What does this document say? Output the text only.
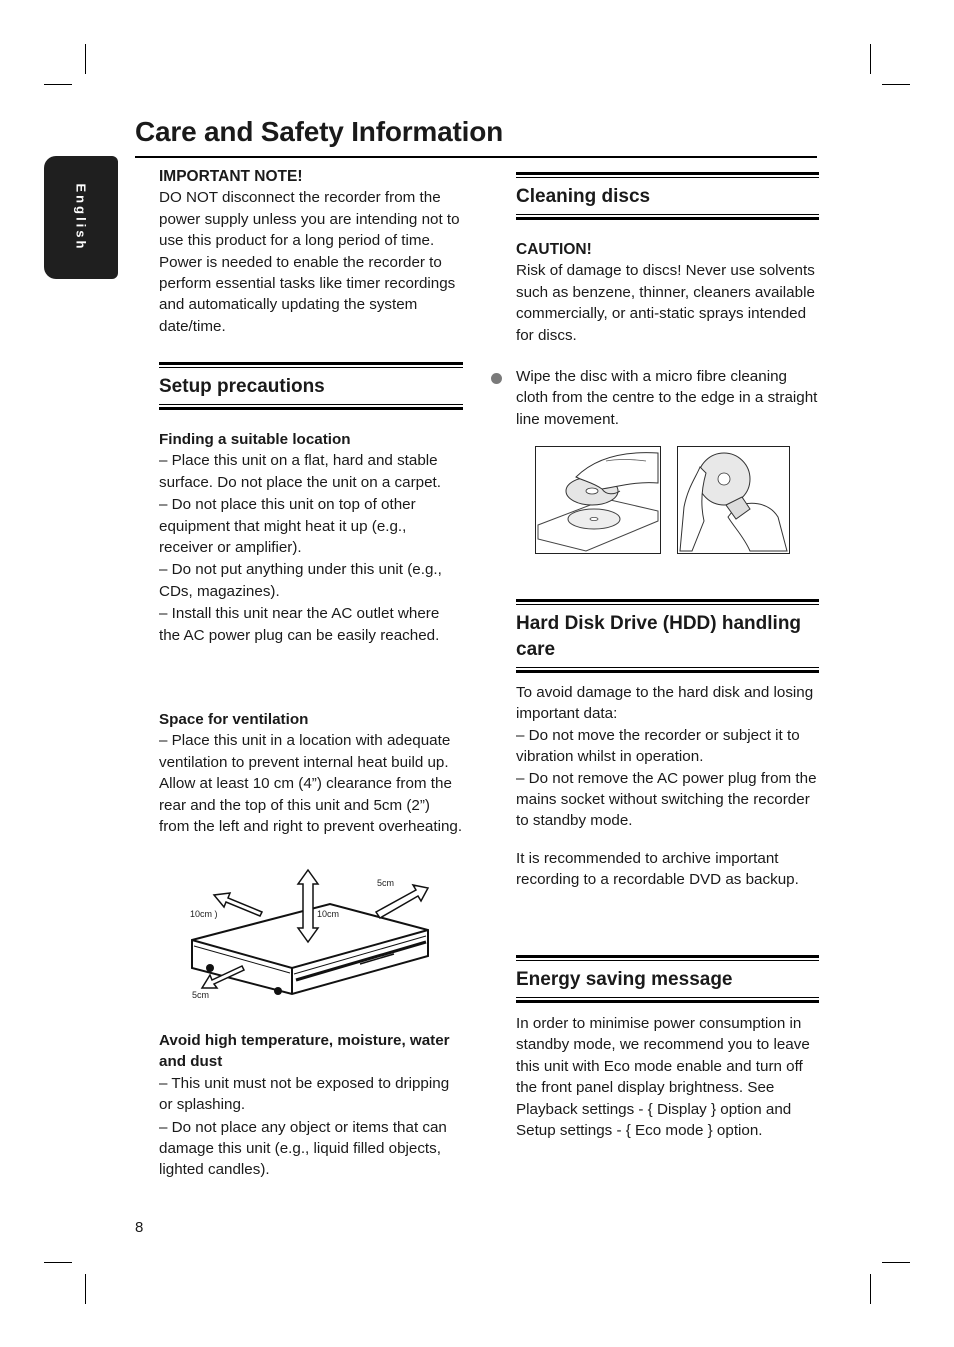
Care and Safety Information
English

IMPORTANT NOTE!

DO NOT disconnect the recorder from the power supply unless you are intending not to use this product for a long period of time. Power is needed to enable the recorder to perform essential tasks like timer recordings and automatically updating the system date/time.

Setup precautions

Finding a suitable location

– Place this unit on a flat, hard and stable surface. Do not place the unit on a carpet.

– Do not place this unit on top of other equipment that might heat it up (e.g., receiver or amplifier).

– Do not put anything under this unit (e.g., CDs, magazines).

– Install this unit near the AC outlet where the AC power plug can be easily reached.

Space for ventilation

– Place this unit in a location with adequate ventilation to prevent internal heat build up. Allow at least 10 cm (4”) clearance from the rear and the top of this unit and 5cm (2”) from the left and right to prevent overheating.

5cm
10cm )	10cm
5cm

Avoid high temperature, moisture, water and dust

– This unit must not be exposed to dripping or splashing.

– Do not place any object or items that can damage this unit (e.g., liquid filled objects, lighted candles).

8
Cleaning discs

CAUTION!

Risk of damage to discs! Never use solvents such as benzene, thinner, cleaners available commercially, or anti-static sprays intended for discs.

Wipe the disc with a micro fibre cleaning cloth from the centre to the edge in a straight line movement.

Hard Disk Drive (HDD) handling care

To avoid damage to the hard disk and losing important data:

– Do not move the recorder or subject it to vibration whilst in operation.

– Do not remove the AC power plug from the mains socket without switching the recorder to standby mode.

It is recommended to archive important recording to a recordable DVD as backup.

Energy saving message

In order to minimise power consumption in standby mode, we recommend you to leave this unit with Eco mode enable and turn off the front panel display brightness. See Playback settings - { Display } option and Setup settings - { Eco mode } option.
